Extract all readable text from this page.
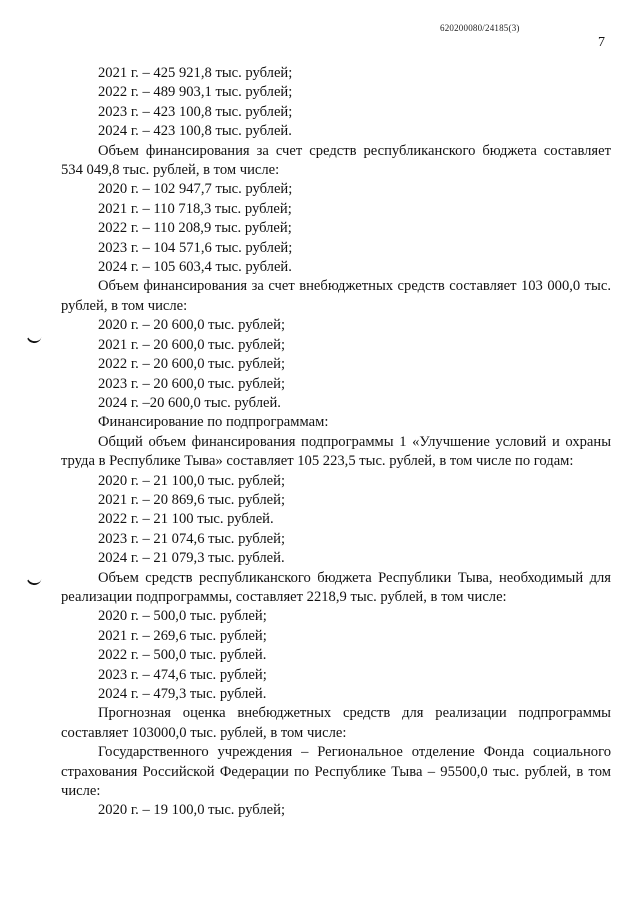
620200080/24185(3)
7

2021 г. – 425 921,8 тыс. рублей;

2022 г. – 489 903,1 тыс. рублей;

2023 г. – 423 100,8 тыс. рублей;

2024 г. – 423 100,8 тыс. рублей.

Объем финансирования за счет средств республиканского бюджета составляет 534 049,8 тыс. рублей, в том числе:

2020 г. – 102 947,7 тыс. рублей;

2021 г. – 110 718,3 тыс. рублей;

2022 г. – 110 208,9 тыс. рублей;

2023 г. – 104 571,6 тыс. рублей;

2024 г. – 105 603,4 тыс. рублей.

Объем финансирования за счет внебюджетных средств составляет 103 000,0 тыс. рублей, в том числе:

2020 г. – 20 600,0 тыс. рублей;

2021 г. – 20 600,0 тыс. рублей;

2022 г. – 20 600,0 тыс. рублей;

2023 г. – 20 600,0 тыс. рублей;

2024 г. –20 600,0 тыс. рублей.

Финансирование по подпрограммам:

Общий объем финансирования подпрограммы 1 «Улучшение условий и охраны труда в Республике Тыва» составляет 105 223,5 тыс. рублей, в том числе по годам:

2020 г. – 21 100,0 тыс. рублей;

2021 г. – 20 869,6 тыс. рублей;

2022 г. – 21 100 тыс. рублей.

2023 г. – 21 074,6 тыс. рублей;

2024 г. – 21 079,3 тыс. рублей.

Объем средств республиканского бюджета Республики Тыва, необходимый для реализации подпрограммы, составляет 2218,9 тыс. рублей, в том числе:

2020 г. – 500,0 тыс. рублей;

2021 г. – 269,6 тыс. рублей;

2022 г. – 500,0 тыс. рублей.

2023 г. – 474,6 тыс. рублей;

2024 г. – 479,3 тыс. рублей.

Прогнозная оценка внебюджетных средств для реализации подпрограммы составляет 103000,0 тыс. рублей, в том числе:

Государственного учреждения – Региональное отделение Фонда социального страхования Российской Федерации по Республике Тыва – 95500,0 тыс. рублей, в том числе:

2020 г. – 19 100,0 тыс. рублей;
